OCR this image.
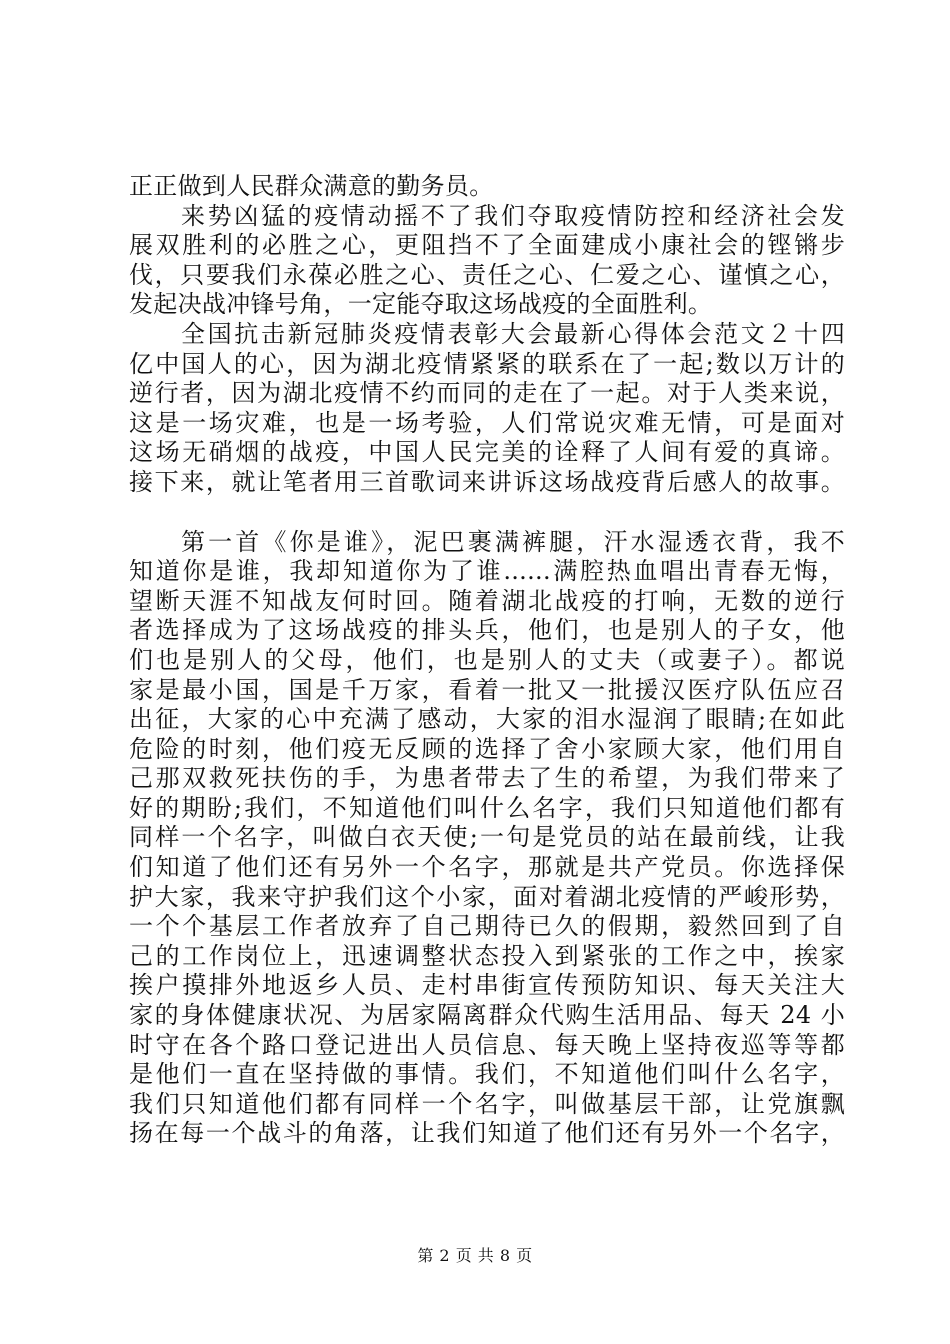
正正做到人民群众满意的勤务员。
来势凶猛的疫情动摇不了我们夺取疫情防控和经济社会发
展双胜利的必胜之心，更阻挡不了全面建成小康社会的铿锵步
伐，只要我们永葆必胜之心、责任之心、仁爱之心、谨慎之心，
发起决战冲锋号角，一定能夺取这场战疫的全面胜利。
全国抗击新冠肺炎疫情表彰大会最新心得体会范文２十四
亿中国人的心，因为湖北疫情紧紧的联系在了一起;数以万计的
逆行者，因为湖北疫情不约而同的走在了一起。对于人类来说，
这是一场灾难，也是一场考验，人们常说灾难无情，可是面对
这场无硝烟的战疫，中国人民完美的诠释了人间有爱的真谛。
接下来，就让笔者用三首歌词来讲诉这场战疫背后感人的故事。
第一首《你是谁》，泥巴裹满裤腿，汗水湿透衣背，我不
知道你是谁，我却知道你为了谁......满腔热血唱出青春无悔，
望断天涯不知战友何时回。随着湖北战疫的打响，无数的逆行
者选择成为了这场战疫的排头兵，他们，也是别人的子女，他
们也是别人的父母，他们，也是别人的丈夫（或妻子）。都说
家是最小国，国是千万家，看着一批又一批援汉医疗队伍应召
出征，大家的心中充满了感动，大家的泪水湿润了眼睛;在如此
危险的时刻，他们疫无反顾的选择了舍小家顾大家，他们用自
己那双救死扶伤的手，为患者带去了生的希望，为我们带来了
好的期盼;我们，不知道他们叫什么名字，我们只知道他们都有
同样一个名字，叫做白衣天使;一句是党员的站在最前线，让我
们知道了他们还有另外一个名字，那就是共产党员。你选择保
护大家，我来守护我们这个小家，面对着湖北疫情的严峻形势，
一个个基层工作者放弃了自己期待已久的假期，毅然回到了自
己的工作岗位上，迅速调整状态投入到紧张的工作之中，挨家
挨户摸排外地返乡人员、走村串街宣传预防知识、每天关注大
家的身体健康状况、为居家隔离群众代购生活用品、每天 24 小
时守在各个路口登记进出人员信息、每天晚上坚持夜巡等等都
是他们一直在坚持做的事情。我们，不知道他们叫什么名字，
我们只知道他们都有同样一个名字，叫做基层干部，让党旗飘
扬在每一个战斗的角落，让我们知道了他们还有另外一个名字，
第 2 页 共 8 页
